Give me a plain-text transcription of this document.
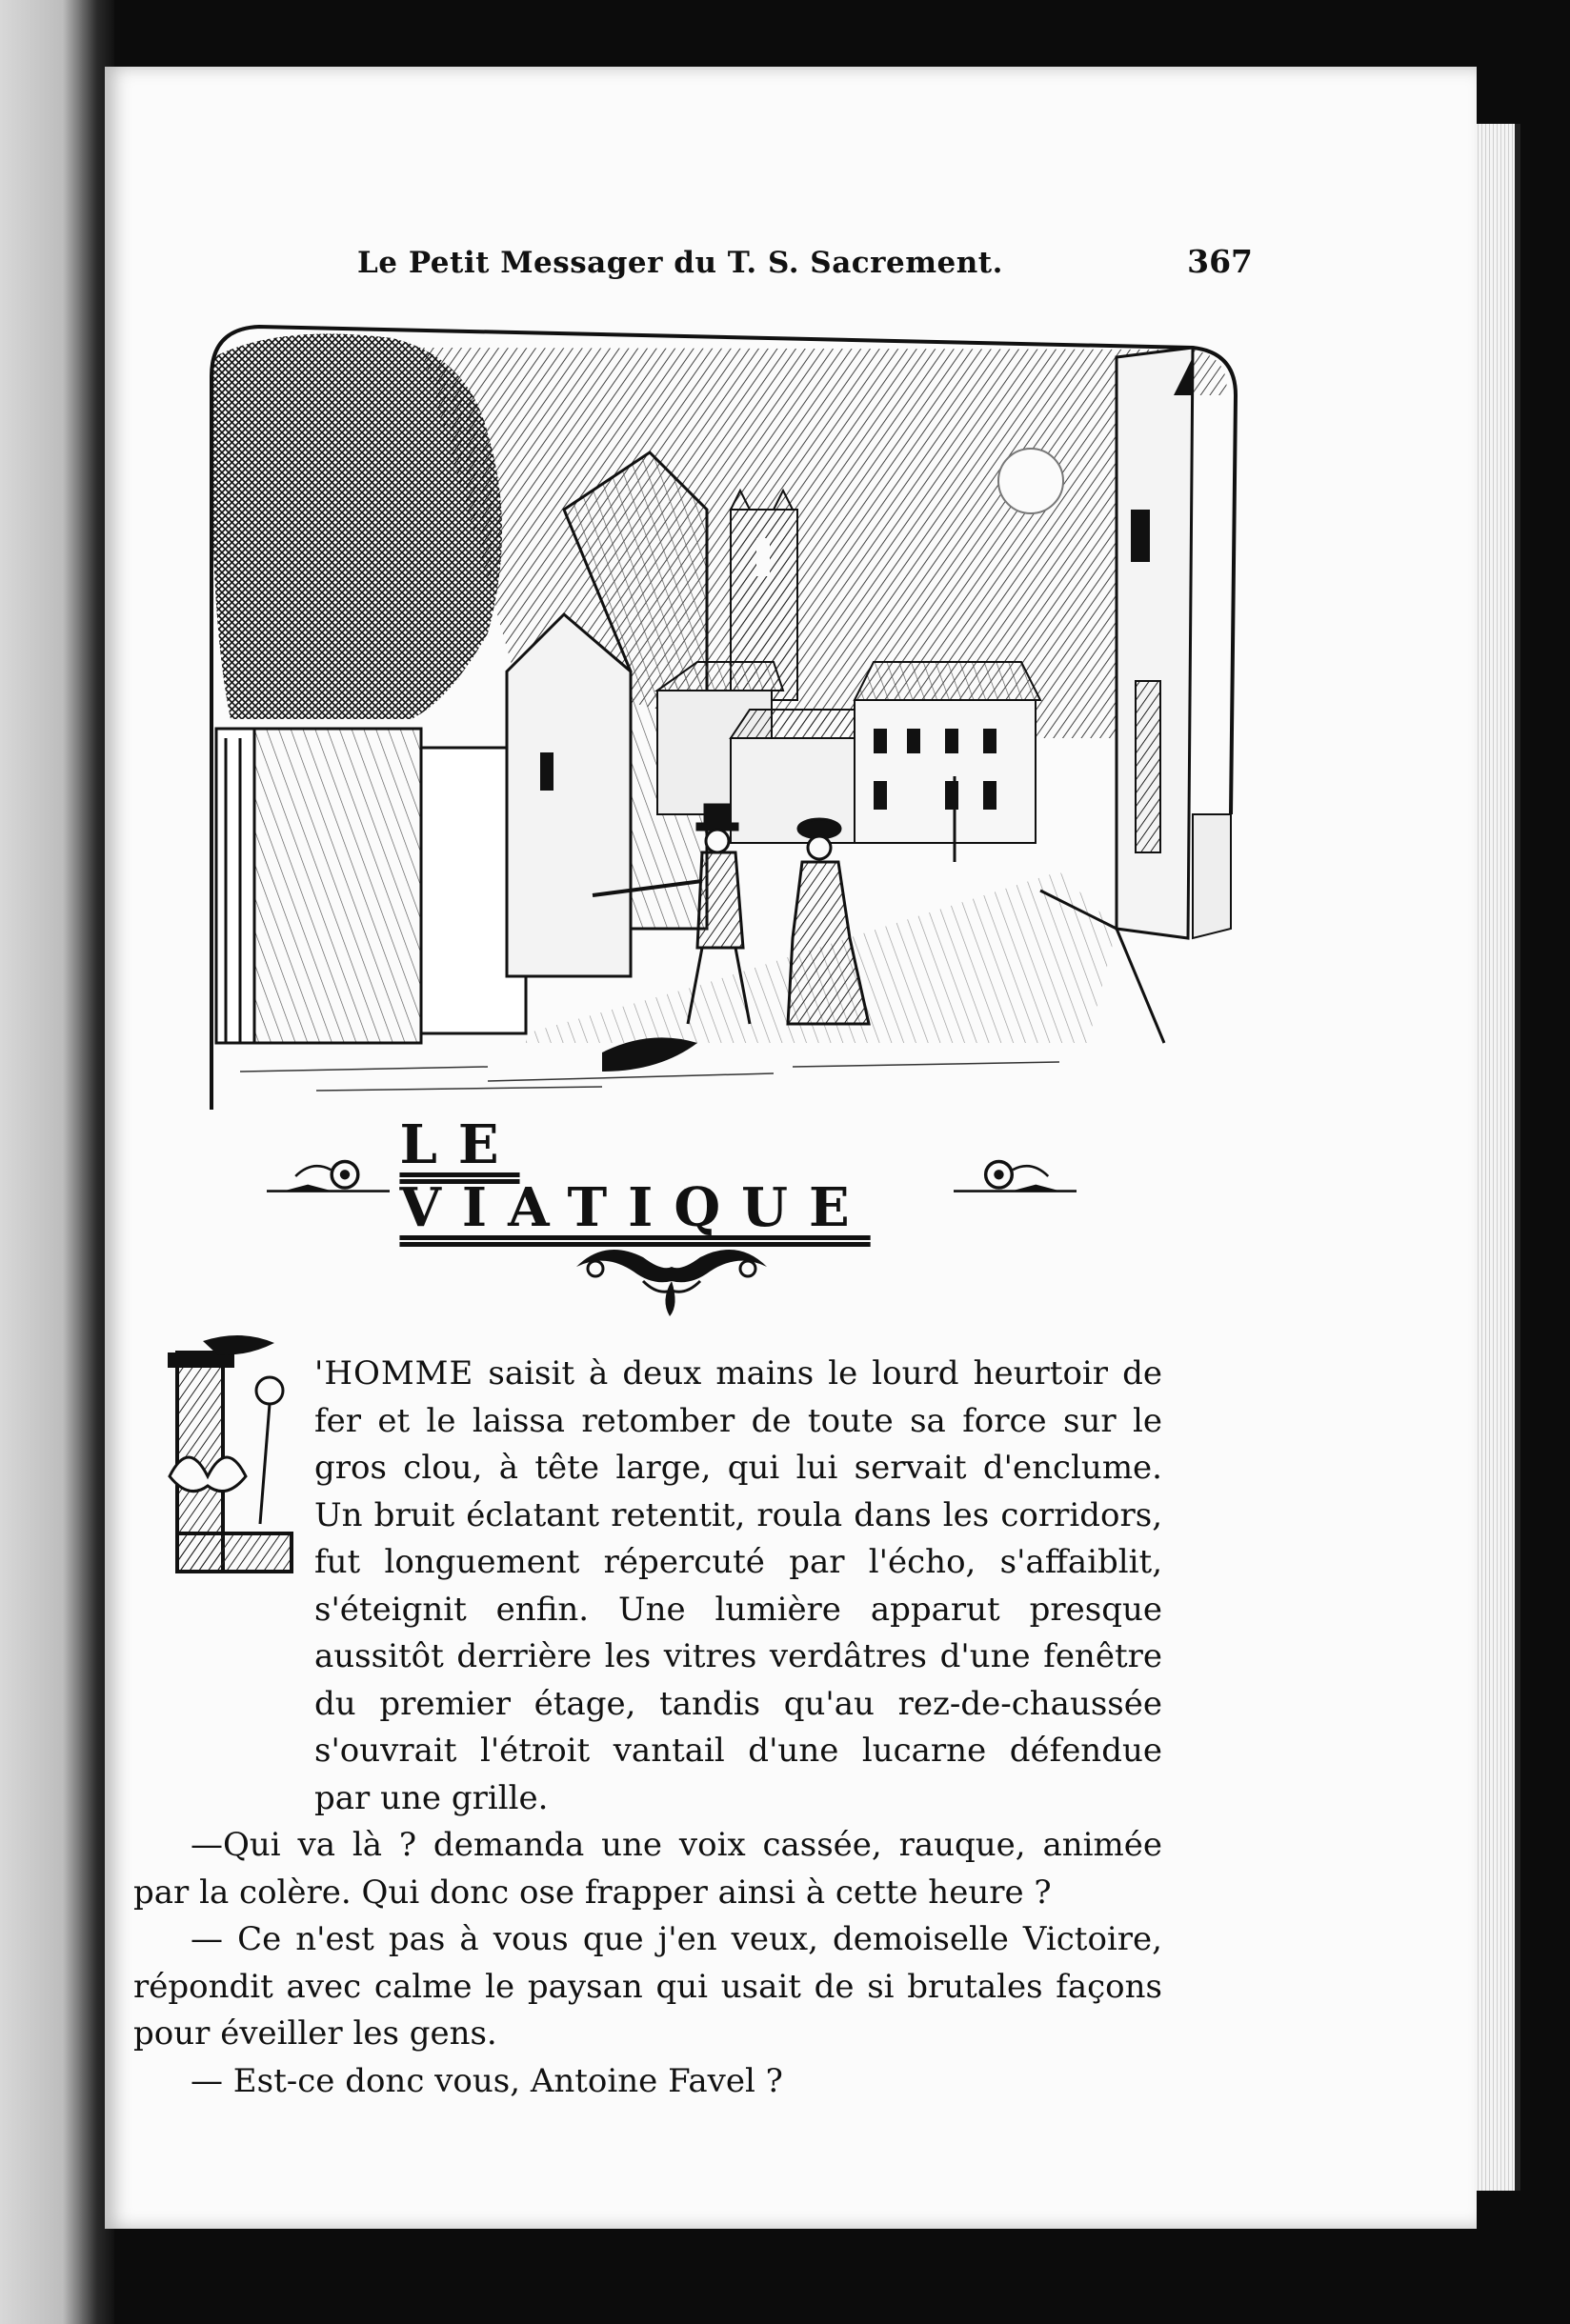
Le Petit Messager du T. S. Sacrement.	367
LE VIATIQUE
L

'HOMME saisit à deux mains le lourd heurtoir de fer et le laissa retomber de toute sa force sur le gros clou, à tête large, qui lui servait d'enclume. Un bruit éclatant retentit, roula dans les corridors, fut longuement répercuté par l'écho, s'affaiblit, s'éteignit enfin. Une lumière apparut presque aussitôt derrière les vitres verdâtres d'une fenêtre du premier étage, tandis qu'au rez-de-chaussée s'ouvrait l'étroit vantail d'une lucarne défendue par une grille.

—Qui va là ? demanda une voix cassée, rauque, animée par la colère. Qui donc ose frapper ainsi à cette heure ?

— Ce n'est pas à vous que j'en veux, demoiselle Victoire, répondit avec calme le paysan qui usait de si brutales façons pour éveiller les gens.

— Est-ce donc vous, Antoine Favel ?
